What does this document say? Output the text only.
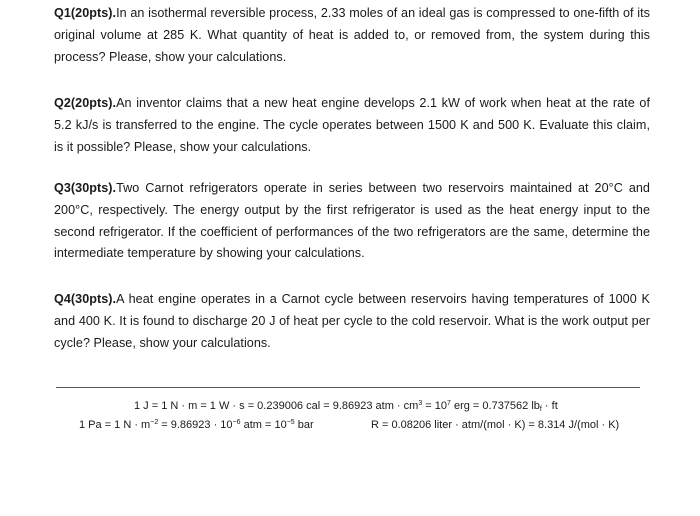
Q1(20pts).In an isothermal reversible process, 2.33 moles of an ideal gas is compressed to one-fifth of its original volume at 285 K. What quantity of heat is added to, or removed from, the system during this process? Please, show your calculations.
Q2(20pts).An inventor claims that a new heat engine develops 2.1 kW of work when heat at the rate of 5.2 kJ/s is transferred to the engine. The cycle operates between 1500 K and 500 K. Evaluate this claim, is it possible? Please, show your calculations.
Q3(30pts).Two Carnot refrigerators operate in series between two reservoirs maintained at 20°C and 200°C, respectively. The energy output by the first refrigerator is used as the heat energy input to the second refrigerator. If the coefficient of performances of the two refrigerators are the same, determine the intermediate temperature by showing your calculations.
Q4(30pts).A heat engine operates in a Carnot cycle between reservoirs having temperatures of 1000 K and 400 K. It is found to discharge 20 J of heat per cycle to the cold reservoir. What is the work output per cycle? Please, show your calculations.
1 J = 1 N · m = 1 W · s = 0.239006 cal = 9.86923 atm · $cm^3 = 10^7$ erg = 0.737562 $lb_f$ · ft
1 Pa = 1 $N \cdot m^{-2} = 9.86923 \cdot 10^{-6}$ atm = $10^{-5}$ bar	R = 0.08206 liter · atm/(mol · K) = 8.314 J/(mol · K)
